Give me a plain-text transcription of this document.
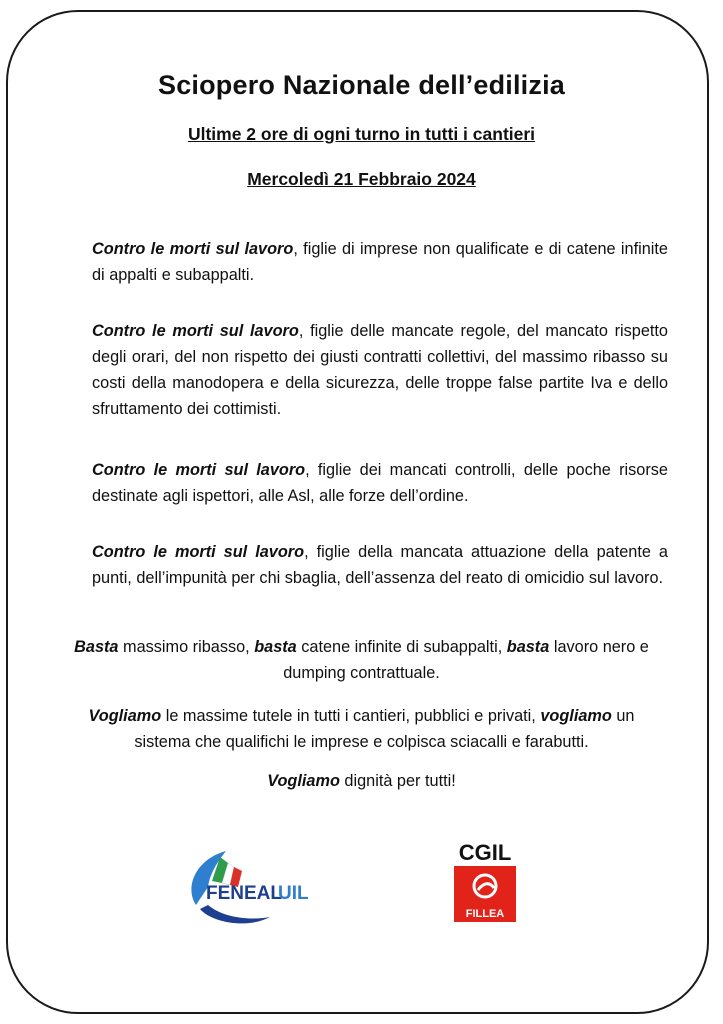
Sciopero Nazionale dell’edilizia
Ultime 2 ore di ogni turno in tutti i cantieri
Mercoledì 21 Febbraio 2024
Contro le morti sul lavoro, figlie di imprese non qualificate e di catene infinite di appalti e subappalti.
Contro le morti sul lavoro, figlie delle mancate regole, del mancato rispetto degli orari, del non rispetto dei giusti contratti collettivi, del massimo ribasso su costi della manodopera e della sicurezza, delle troppe false partite Iva e dello sfruttamento dei cottimisti.
Contro le morti sul lavoro, figlie dei mancati controlli, delle poche risorse destinate agli ispettori, alle Asl, alle forze dell’ordine.
Contro le morti sul lavoro, figlie della mancata attuazione della patente a punti, dell’impunità per chi sbaglia, dell’assenza del reato di omicidio sul lavoro.
Basta massimo ribasso, basta catene infinite di subappalti, basta lavoro nero e dumping contrattuale.
Vogliamo le massime tutele in tutti i cantieri, pubblici e privati, vogliamo un sistema che qualifichi le imprese e colpisca sciacalli e farabutti.
Vogliamo dignità per tutti!
FENEAL
UIL
CGIL
FILLEA
